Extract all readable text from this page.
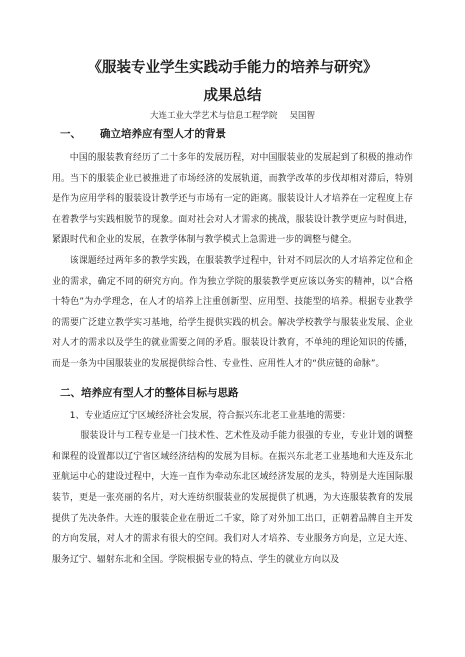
《服装专业学生实践动手能力的培养与研究》
成果总结
大连工业大学艺术与信息工程学院 吴国智
一、 确立培养应有型人才的背景

中国的服装教育经历了二十多年的发展历程，对中国服装业的发展起到了积极的推动作用。当下的服装企业已被推进了市场经济的发展轨道，而教学改革的步伐却相对滞后，特别是作为应用学科的服装设计教学还与市场有一定的距离。服装设计人才培养在一定程度上存在着教学与实践相脱节的现象。面对社会对人才需求的挑战，服装设计教学更应与时俱进，紧跟时代和企业的发展，在教学体制与教学模式上急需进一步的调整与健全。

该课题经过两年多的教学实践，在服装教学过程中，针对不同层次的人才培养定位和企业的需求，确定不同的研究方向。作为独立学院的服装教学更应该以务实的精神，以“合格十特色”为办学理念，在人才的培养上注重创新型、应用型、技能型的培养。根据专业教学的需要广泛建立教学实习基地，给学生提供实践的机会。解决学校教学与服装业发展、企业对人才的需求以及学生的就业需要之间的矛盾。服装设计教育，不单纯的理论知识的传播，而是一条为中国服装业的发展提供综合性、专业性、应用性人才的“供应链的命脉”。

二、培养应有型人才的整体目标与思路

1、专业适应辽宁区域经济社会发展，符合振兴东北老工业基地的需要：

服装设计与工程专业是一门技术性、艺术性及动手能力很强的专业，专业计划的调整和课程的设置都以辽宁省区域经济结构的发展为目标。在振兴东北老工业基地和大连及东北亚航运中心的建设过程中，大连一直作为牵动东北区域经济发展的龙头，特别是大连国际服装节，更是一张亮丽的名片，对大连纺织服装业的发展提供了机遇，为大连服装教育的发展提供了先决条件。大连的服装企业在册近二千家，除了对外加工出口，正朝着品牌自主开发的方向发展，对人才的需求有很大的空间。我们对人才培养、专业服务方向是，立足大连、服务辽宁、辐射东北和全国。学院根据专业的特点、学生的就业方向以及
